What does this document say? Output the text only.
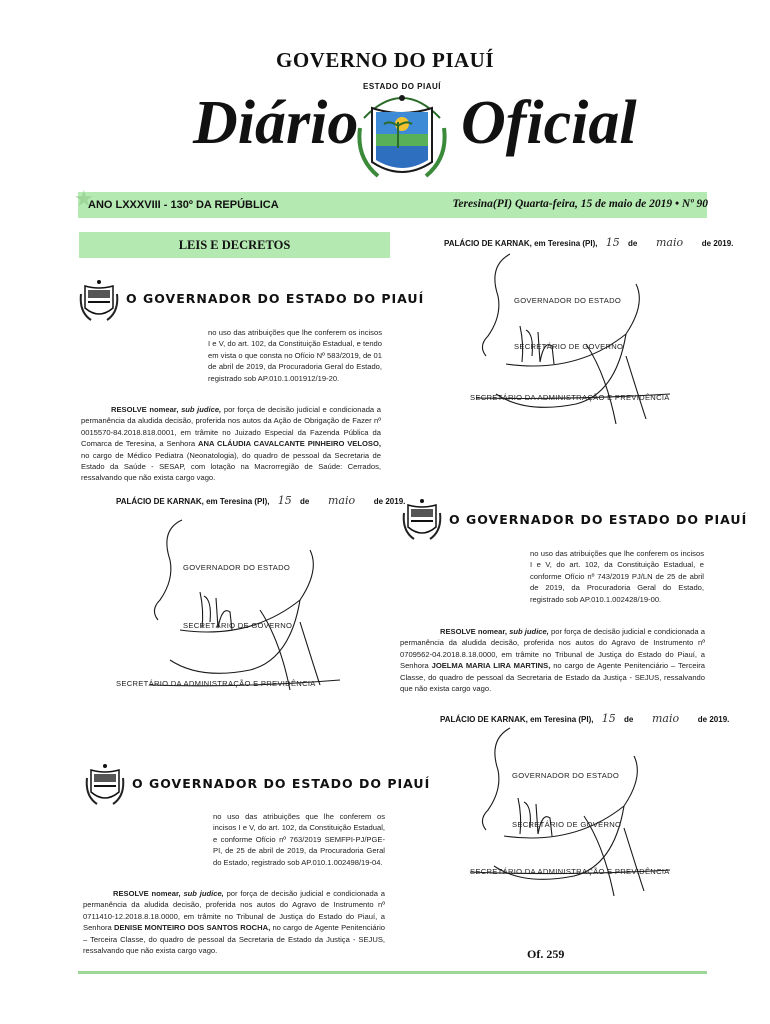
GOVERNO DO PIAUÍ
Diário Oficial
ESTADO DO PIAUÍ
★
ANO LXXXVIII - 130º DA REPÚBLICA	Teresina(PI) Quarta-feira, 15 de maio de 2019 • Nº 90
LEIS E DECRETOS
O GOVERNADOR DO ESTADO DO PIAUÍ
no uso das atribuições que lhe conferem os incisos I e V, do art. 102, da Constituição Estadual, e tendo em vista o que consta no Ofício Nº 583/2019, de 01 de abril de 2019, da Procuradoria Geral do Estado, registrado sob AP.010.1.001912/19-20.
RESOLVE nomear, sub judice, por força de decisão judicial e condicionada a permanência da aludida decisão, proferida nos autos da Ação de Obrigação de Fazer nº 0015570-84.2018.818.0001, em trâmite no Juizado Especial da Fazenda Pública da Comarca de Teresina, a Senhora ANA CLÁUDIA CAVALCANTE PINHEIRO VELOSO, no cargo de Médico Pediatra (Neonatologia), do quadro de pessoal da Secretaria de Estado da Saúde - SESAP, com lotação na Macrorregião de Saúde: Cerrados, ressalvando que não exista cargo vago.
PALÁCIO DE KARNAK, em Teresina (PI), 15 de maio de 2019.
GOVERNADOR DO ESTADO
SECRETÁRIO DE GOVERNO
SECRETÁRIO DA ADMINISTRAÇÃO E PREVIDÊNCIA
O GOVERNADOR DO ESTADO DO PIAUÍ
no uso das atribuições que lhe conferem os incisos I e V, do art. 102, da Constituição Estadual, e conforme Ofício nº 763/2019 SEMFPI-PJ/PGE-PI, de 25 de abril de 2019, da Procuradoria Geral do Estado, registrado sob AP.010.1.002498/19-04.
RESOLVE nomear, sub judice, por força de decisão judicial e condicionada a permanência da aludida decisão, proferida nos autos do Agravo de Instrumento nº 0711410-12.2018.8.18.0000, em trâmite no Tribunal de Justiça do Estado do Piauí, a Senhora DENISE MONTEIRO DOS SANTOS ROCHA, no cargo de Agente Penitenciário – Terceira Classe, do quadro de pessoal da Secretaria de Estado da Justiça - SEJUS, ressalvando que não exista cargo vago.
PALÁCIO DE KARNAK, em Teresina (PI), 15 de maio de 2019.
GOVERNADOR DO ESTADO
SECRETÁRIO DE GOVERNO
SECRETÁRIO DA ADMINISTRAÇÃO E PREVIDÊNCIA
O GOVERNADOR DO ESTADO DO PIAUÍ
no uso das atribuições que lhe conferem os incisos I e V, do art. 102, da Constituição Estadual, e conforme Ofício nº 743/2019 PJ/LN de 25 de abril de 2019, da Procuradoria Geral do Estado, registrado sob AP.010.1.002428/19-00.
RESOLVE nomear, sub judice, por força de decisão judicial e condicionada a permanência da aludida decisão, proferida nos autos do Agravo de Instrumento nº 0709562-04.2018.8.18.0000, em trâmite no Tribunal de Justiça do Estado do Piauí, a Senhora JOELMA MARIA LIRA MARTINS, no cargo de Agente Penitenciário – Terceira Classe, do quadro de pessoal da Secretaria de Estado da Justiça - SEJUS, ressalvando que não exista cargo vago.
PALÁCIO DE KARNAK, em Teresina (PI), 15 de maio de 2019.
GOVERNADOR DO ESTADO
SECRETÁRIO DE GOVERNO
SECRETÁRIO DA ADMINISTRAÇÃO E PREVIDÊNCIA
Of. 259
